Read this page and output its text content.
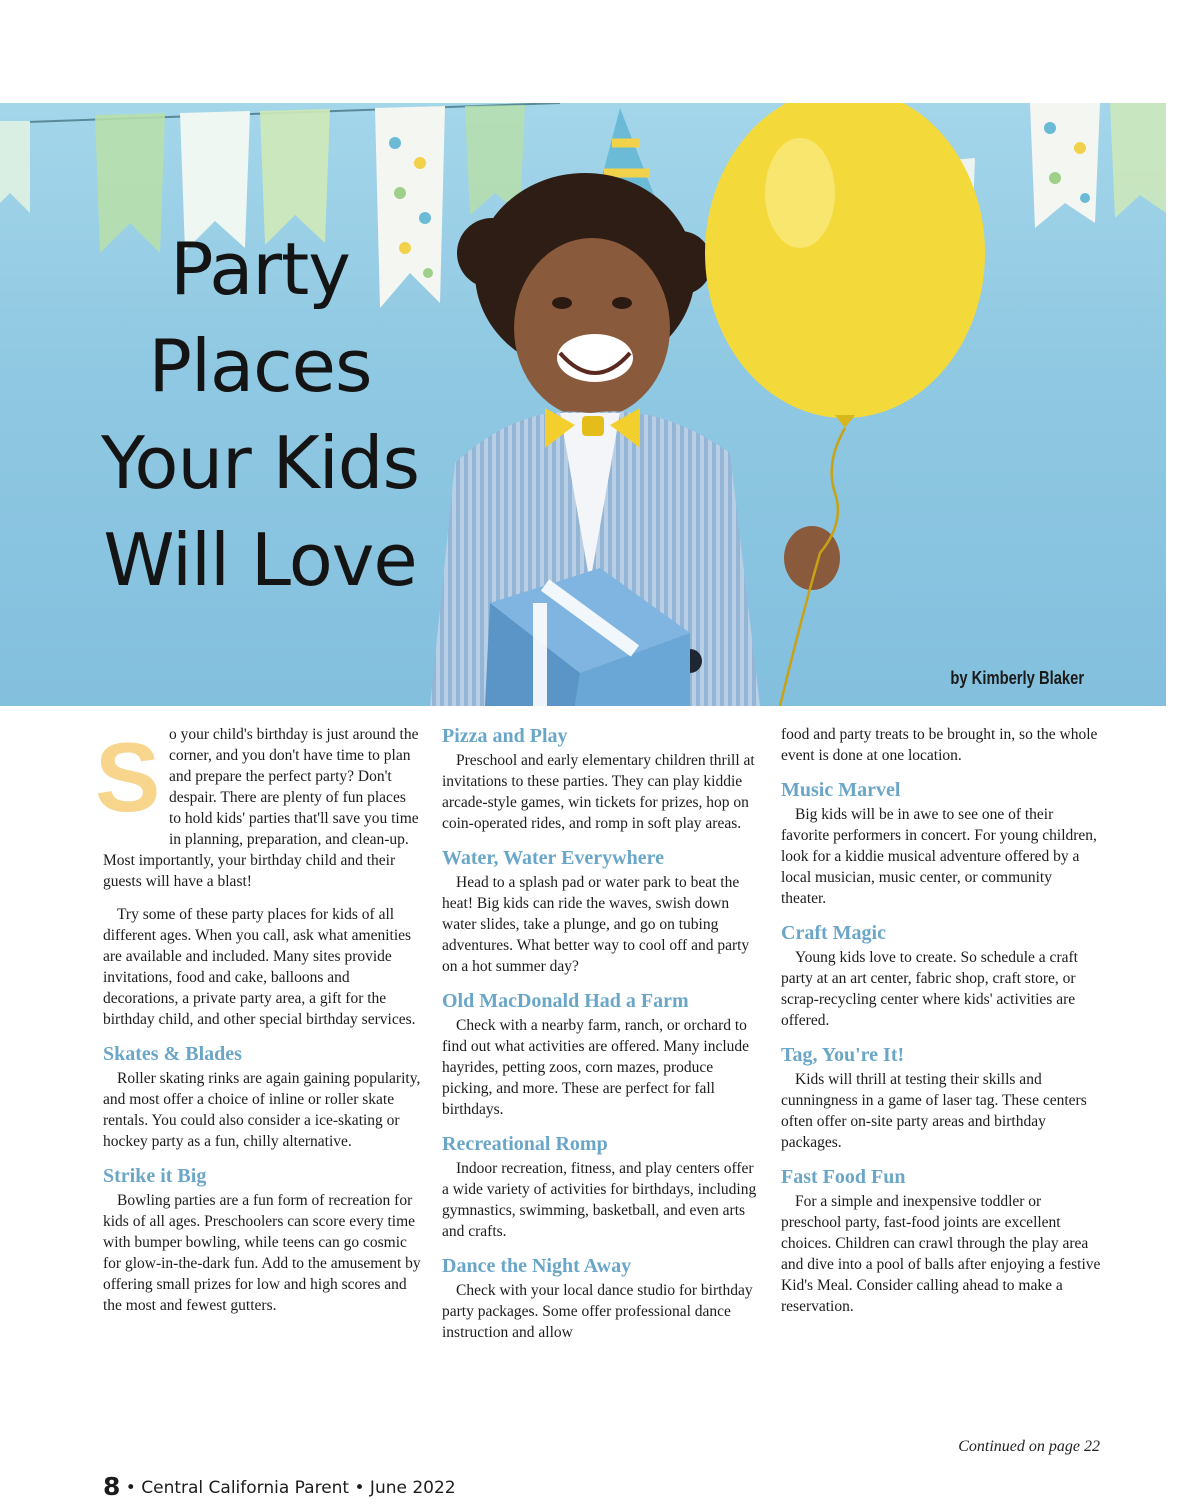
Party
Places
Your Kids
Will Love

by Kimberly Blaker

S o your child's birthday is just around the corner, and you don't have time to plan and prepare the perfect party? Don't despair. There are plenty of fun places to hold kids' parties that'll save you time in planning, preparation, and clean-up. Most importantly, your birthday child and their guests will have a blast!

Try some of these party places for kids of all different ages. When you call, ask what amenities are available and included. Many sites provide invitations, food and cake, balloons and decorations, a private party area, a gift for the birthday child, and other special birthday services.

Skates & Blades

Roller skating rinks are again gaining popularity, and most offer a choice of inline or roller skate rentals. You could also consider a ice-skating or hockey party as a fun, chilly alternative.

Strike it Big

Bowling parties are a fun form of recreation for kids of all ages. Preschoolers can score every time with bumper bowling, while teens can go cosmic for glow-in-the-dark fun. Add to the amusement by offering small prizes for low and high scores and the most and fewest gutters.

Pizza and Play

Preschool and early elementary children thrill at invitations to these parties. They can play kiddie arcade-style games, win tickets for prizes, hop on coin-operated rides, and romp in soft play areas.

Water, Water Everywhere

Head to a splash pad or water park to beat the heat! Big kids can ride the waves, swish down water slides, take a plunge, and go on tubing adventures. What better way to cool off and party on a hot summer day?

Old MacDonald Had a Farm

Check with a nearby farm, ranch, or orchard to find out what activities are offered. Many include hayrides, petting zoos, corn mazes, produce picking, and more. These are perfect for fall birthdays.

Recreational Romp

Indoor recreation, fitness, and play centers offer a wide variety of activities for birthdays, including gymnastics, swimming, basketball, and even arts and crafts.

Dance the Night Away

Check with your local dance studio for birthday party packages. Some offer professional dance instruction and allow

food and party treats to be brought in, so the whole event is done at one location.

Music Marvel

Big kids will be in awe to see one of their favorite performers in concert. For young children, look for a kiddie musical adventure offered by a local musician, music center, or community theater.

Craft Magic

Young kids love to create. So schedule a craft party at an art center, fabric shop, craft store, or scrap-recycling center where kids' activities are offered.

Tag, You're It!

Kids will thrill at testing their skills and cunningness in a game of laser tag. These centers often offer on-site party areas and birthday packages.

Fast Food Fun

For a simple and inexpensive toddler or preschool party, fast-food joints are excellent choices. Children can crawl through the play area and dive into a pool of balls after enjoying a festive Kid's Meal. Consider calling ahead to make a reservation.

Continued on page 22

8 • Central California Parent • June 2022
